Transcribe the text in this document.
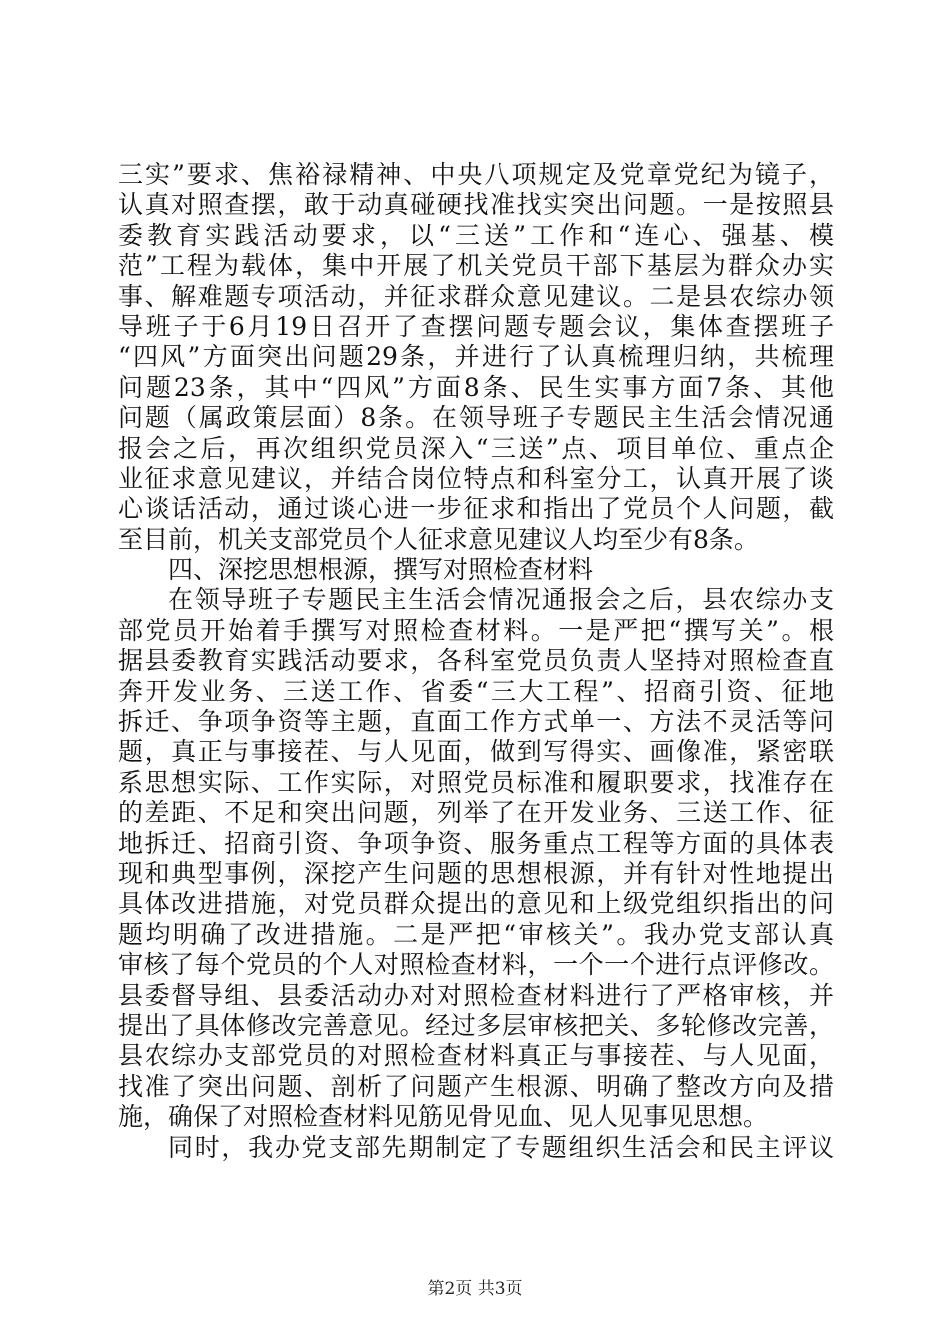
三实”要求、焦裕禄精神、中央八项规定及党章党纪为镜子，
认真对照查摆，敢于动真碰硬找准找实突出问题。一是按照县
委教育实践活动要求，以“三送”工作和“连心、强基、模
范”工程为载体，集中开展了机关党员干部下基层为群众办实
事、解难题专项活动，并征求群众意见建议。二是县农综办领
导班子于6月19日召开了查摆问题专题会议，集体查摆班子
“四风”方面突出问题29条，并进行了认真梳理归纳，共梳理
问题23条，其中“四风”方面8条、民生实事方面7条、其他
问题（属政策层面）8条。在领导班子专题民主生活会情况通
报会之后，再次组织党员深入“三送”点、项目单位、重点企
业征求意见建议，并结合岗位特点和科室分工，认真开展了谈
心谈话活动，通过谈心进一步征求和指出了党员个人问题，截
至目前，机关支部党员个人征求意见建议人均至少有8条。
四、深挖思想根源，撰写对照检查材料
在领导班子专题民主生活会情况通报会之后，县农综办支
部党员开始着手撰写对照检查材料。一是严把“撰写关”。根
据县委教育实践活动要求，各科室党员负责人坚持对照检查直
奔开发业务、三送工作、省委“三大工程”、招商引资、征地
拆迁、争项争资等主题，直面工作方式单一、方法不灵活等问
题，真正与事接茬、与人见面，做到写得实、画像准，紧密联
系思想实际、工作实际，对照党员标准和履职要求，找准存在
的差距、不足和突出问题，列举了在开发业务、三送工作、征
地拆迁、招商引资、争项争资、服务重点工程等方面的具体表
现和典型事例，深挖产生问题的思想根源，并有针对性地提出
具体改进措施，对党员群众提出的意见和上级党组织指出的问
题均明确了改进措施。二是严把“审核关”。我办党支部认真
审核了每个党员的个人对照检查材料，一个一个进行点评修改。
县委督导组、县委活动办对对照检查材料进行了严格审核，并
提出了具体修改完善意见。经过多层审核把关、多轮修改完善，
县农综办支部党员的对照检查材料真正与事接茬、与人见面，
找准了突出问题、剖析了问题产生根源、明确了整改方向及措
施，确保了对照检查材料见筋见骨见血、见人见事见思想。
同时，我办党支部先期制定了专题组织生活会和民主评议
第2页 共3页
